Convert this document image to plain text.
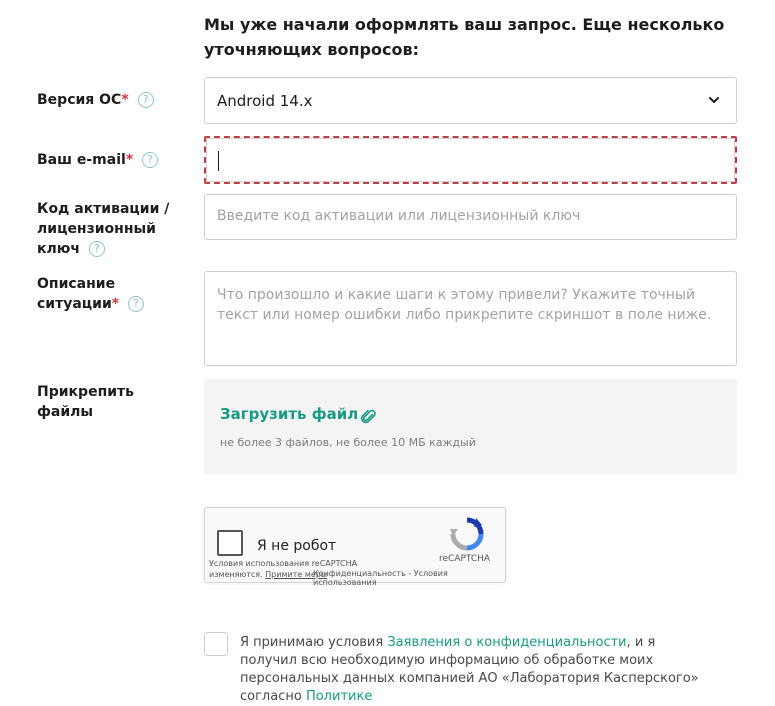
Мы уже начали оформлять ваш запрос. Еще несколько уточняющих вопросов:
Версия ОС* ?	Android 14.x
Ваш e-mail* ?
Код активации /
лицензионный
ключ ?
Введите код активации или лицензионный ключ
Описание
ситуации* ?
Что произошло и какие шаги к этому привели? Укажите точный текст или номер ошибки либо прикрепите скриншот в поле ниже.
Прикрепить
файлы	Загрузить файл
не более 3 файлов, не более 10 МБ каждый
Я не робот
reCAPTCHA
Условия использования reCAPTCHA
изменяются. Примите меры
Конфиденциальность - Условия использования
Я принимаю условия Заявления о конфиденциальности, и я получил всю необходимую информацию об обработке моих персональных данных компанией АО «Лаборатория Касперского» согласно Политике
